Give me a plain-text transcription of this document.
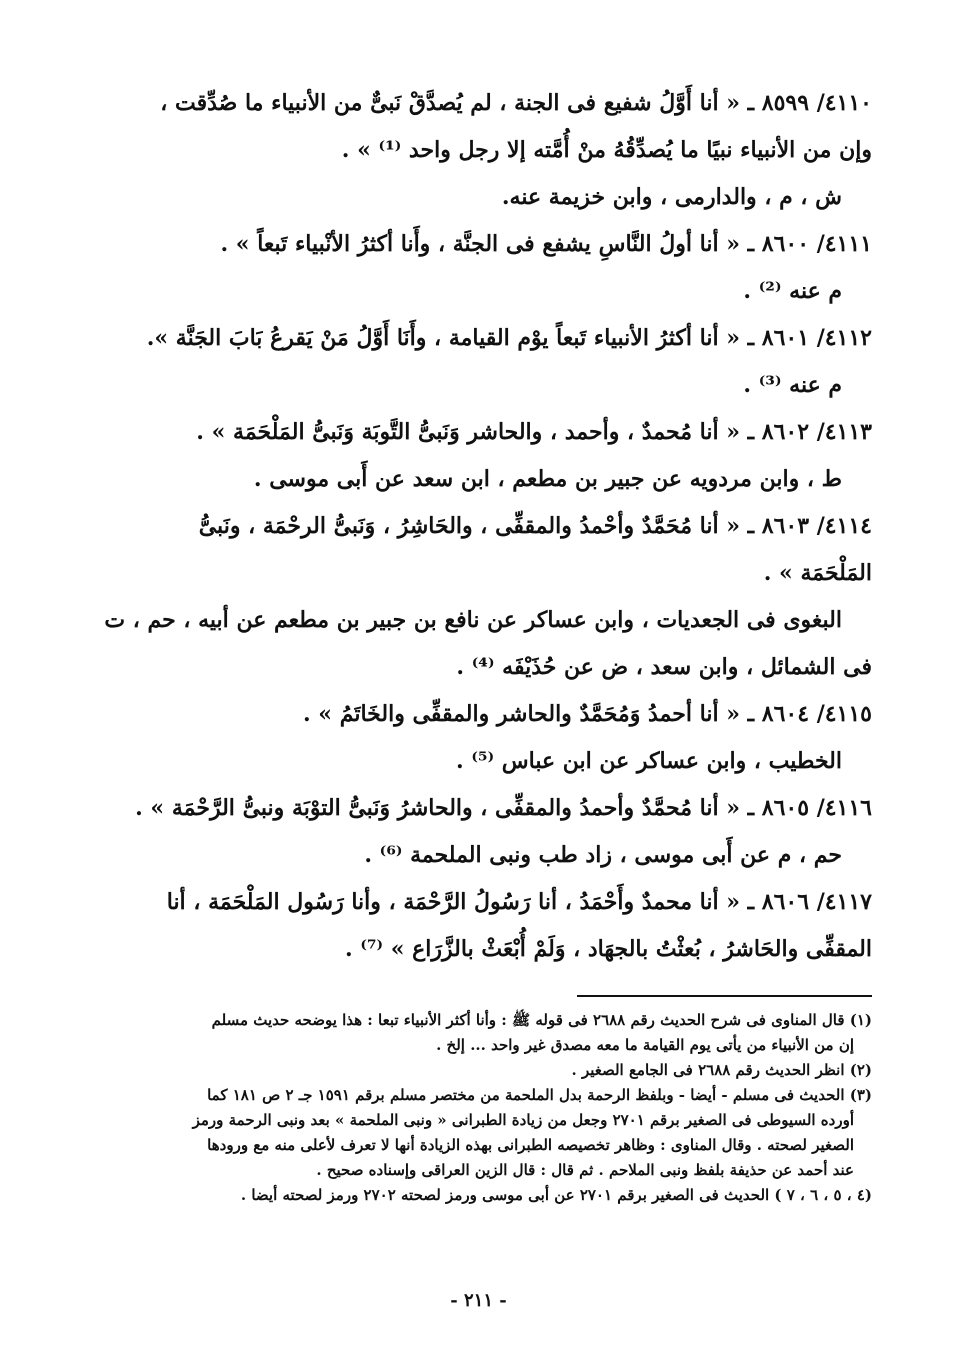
٤١١٠/ ٨٥٩٩ ـ « أنا أَوَّلُ شفيع فى الجنة ، لم يُصدَّقْ نَبىٌّ من الأنبياء ما صُدِّقت ،

وإن من الأنبياء نبيًا ما يُصدِّقُهُ منْ أُمَّته إلا رجل واحد ⁽¹⁾ » .

ش ، م ، والدارمى ، وابن خزيمة عنه.

٤١١١/ ٨٦٠٠ ـ « أنا أولُ النَّاسِ يشفع فى الجنَّة ، وأَنا أكثرُ الأنْبياء تَبعاً » .

م عنه ⁽²⁾ .

٤١١٢/ ٨٦٠١ ـ « أنا أكثرُ الأنبياء تَبعاً يوْم القيامة ، وأَنَا أَوَّلُ مَنْ يَقرعُ بَابَ الجَنَّة ».

م عنه ⁽³⁾ .

٤١١٣/ ٨٦٠٢ ـ « أنا مُحمدٌ ، وأحمد ، والحاشر وَنَبىُّ التَّوبَة وَنَبىُّ المَلْحَمَة » .

ط ، وابن مردويه عن جبير بن مطعم ، ابن سعد عن أَبى موسى .

٤١١٤/ ٨٦٠٣ ـ « أنا مُحَمَّدٌ وأحْمدُ والمقفِّى ، والحَاشِرُ ، وَنَبىُّ الرحْمَة ، ونَبىُّ

المَلْحَمَة » .

البغوى فى الجعديات ، وابن عساكر عن نافع بن جبير بن مطعم عن أبيه ، حم ، ت

فى الشمائل ، وابن سعد ، ض عن حُذَيْفَه ⁽⁴⁾ .

٤١١٥/ ٨٦٠٤ ـ « أنا أحمدُ وَمُحَمَّدٌ والحاشر والمقفِّى والخَاتَمُ » .

الخطيب ، وابن عساكر عن ابن عباس ⁽⁵⁾ .

٤١١٦/ ٨٦٠٥ ـ « أنا مُحمَّدٌ وأحمدُ والمقفِّى ، والحاشرُ وَنَبىُّ التوْبَة ونبىُّ الرَّحْمَة » .

حم ، م عن أَبى موسى ، زاد طب ونبى الملحمة ⁽⁶⁾ .

٤١١٧/ ٨٦٠٦ ـ « أنا محمدٌ وأَحْمَدُ ، أنا رَسُولُ الرَّحْمَة ، وأنا رَسُول المَلْحَمَة ، أنا

المقفِّى والحَاشرُ ، بُعثْتُ بالجهَاد ، وَلَمْ أُبْعَثْ بالزَّرَاع » ⁽⁷⁾ .

(١) قال المناوى فى شرح الحديث رقم ٢٦٨٨ فى قوله ﷺ : وأنا أكثر الأنبياء تبعا : هذا يوضحه حديث مسلم

إن من الأنبياء من يأتى يوم القيامة ما معه مصدق غير واحد ... إلخ .

(٢) انظر الحديث رقم ٢٦٨٨ فى الجامع الصغير .

(٣) الحديث فى مسلم - أيضا - وبلفظ الرحمة بدل الملحمة من مختصر مسلم برقم ١٥٩١ جـ ٢ ص ١٨١ كما

أورده السيوطى فى الصغير برقم ٢٧٠١ وجعل من زيادة الطبرانى « ونبى الملحمة » بعد ونبى الرحمة ورمز

الصغير لصحته . وقال المناوى : وظاهر تخصيصه الطبرانى بهذه الزيادة أنها لا تعرف لأعلى منه مع ورودها

عند أحمد عن حذيفة بلفظ ونبى الملاحم . ثم قال : قال الزين العراقى وإسناده صحيح .

(٤ ، ٥ ، ٦ ، ٧ ) الحديث فى الصغير برقم ٢٧٠١ عن أبى موسى ورمز لصحته ٢٧٠٢ ورمز لصحته أيضا .

- ٢١١ -
